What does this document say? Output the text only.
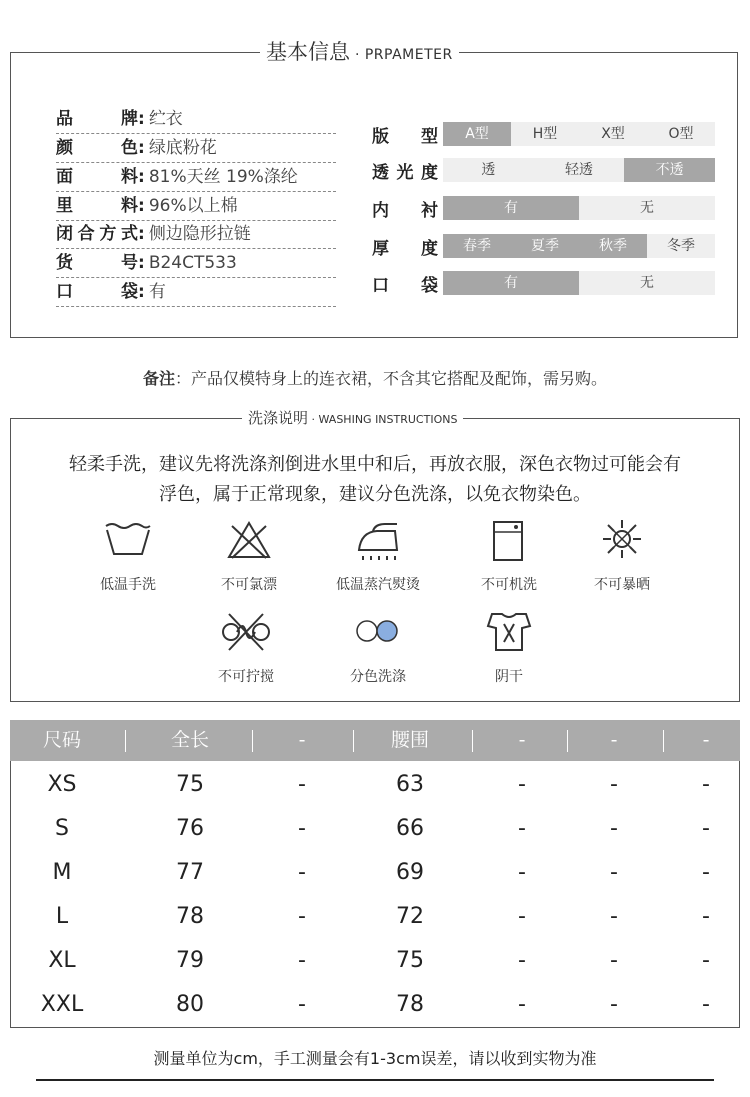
基本信息 · PRPAMETER
品牌: 纻衣
颜色: 绿底粉花
面料: 81%天丝 19%涤纶
里料: 96%以上棉
闭合方式: 侧边隐形拉链
货号: B24CT533
口袋: 有
版型	A型	H型	X型	O型
透光度	透	轻透	不透
内衬	有	无
厚度	春季	夏季	秋季	冬季
口袋	有	无
备注：产品仅模特身上的连衣裙，不含其它搭配及配饰，需另购。
洗涤说明 · WASHING INSTRUCTIONS
轻柔手洗，建议先将洗涤剂倒进水里中和后，再放衣服，深色衣物过可能会有
浮色，属于正常现象，建议分色洗涤，以免衣物染色。
低温手洗	不可氯漂	低温蒸汽熨烫	不可机洗	不可暴晒
不可拧搅	分色洗涤	阴干
尺码	全长	-	腰围	-	-	-
XS	75	-	63	-	-	-
S	76	-	66	-	-	-
M	77	-	69	-	-	-
L	78	-	72	-	-	-
XL	79	-	75	-	-	-
XXL	80	-	78	-	-	-
测量单位为cm，手工测量会有1-3cm误差，请以收到实物为准
